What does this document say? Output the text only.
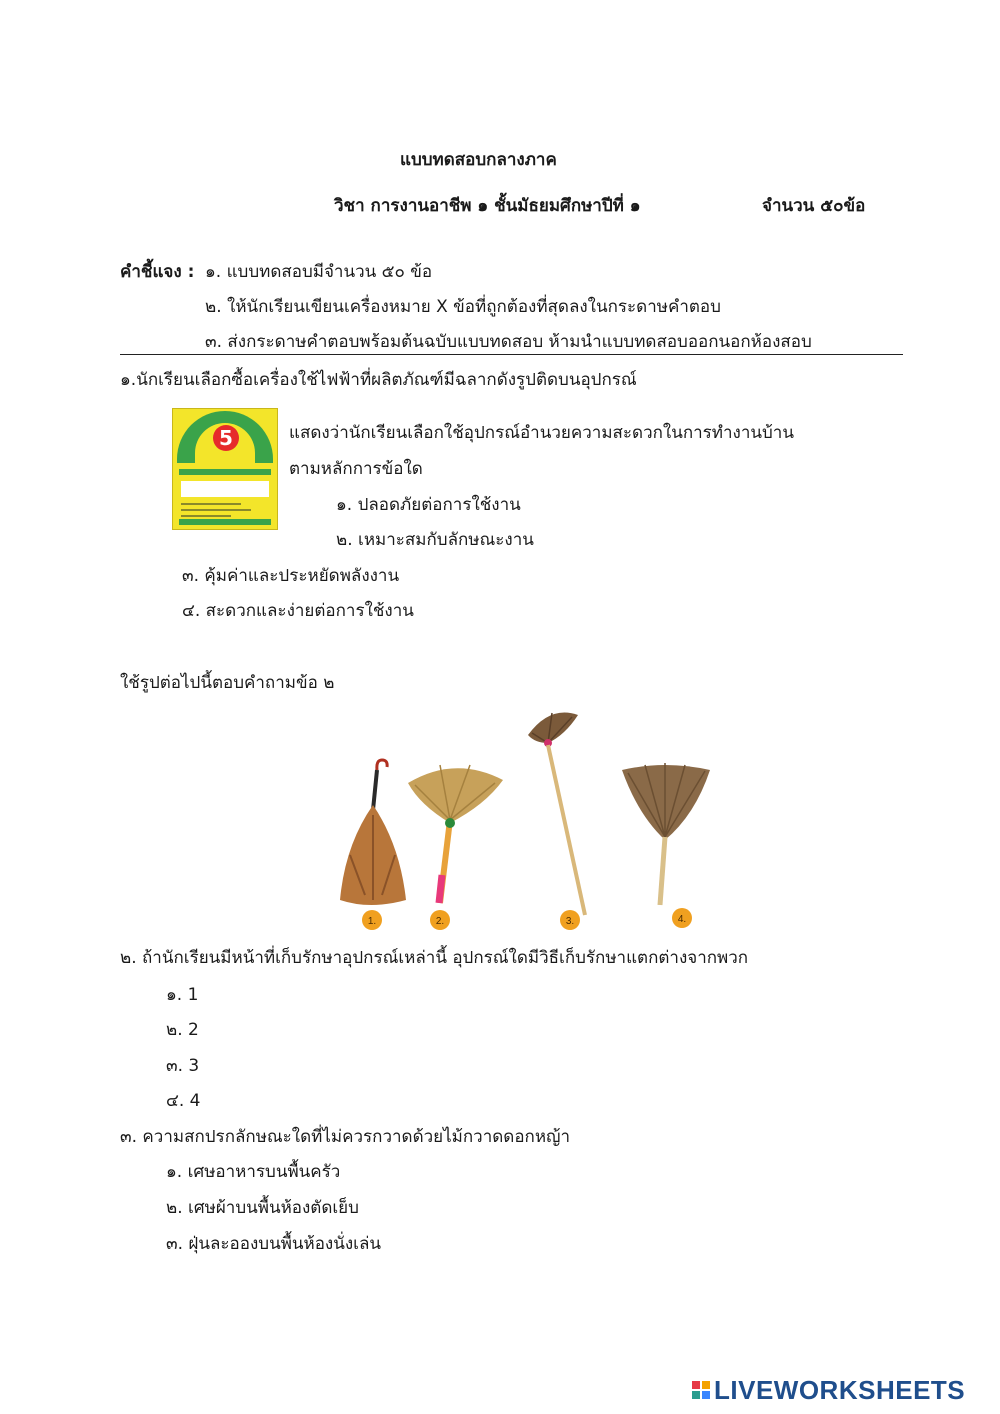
แบบทดสอบกลางภาค
วิชา การงานอาชีพ ๑ ชั้นมัธยมศึกษาปีที่ ๑	จำนวน ๕๐ข้อ
คำชี้แจง : ๑. แบบทดสอบมีจำนวน ๕๐ ข้อ
๒. ให้นักเรียนเขียนเครื่องหมาย X ข้อที่ถูกต้องที่สุดลงในกระดาษคำตอบ
๓. ส่งกระดาษคำตอบพร้อมต้นฉบับแบบทดสอบ ห้ามนำแบบทดสอบออกนอกห้องสอบ
๑.นักเรียนเลือกซื้อเครื่องใช้ไฟฟ้าที่ผลิตภัณฑ์มีฉลากดังรูปติดบนอุปกรณ์
5	แสดงว่านักเรียนเลือกใช้อุปกรณ์อำนวยความสะดวกในการทำงานบ้าน
ตามหลักการข้อใด
๑. ปลอดภัยต่อการใช้งาน
๒. เหมาะสมกับลักษณะงาน
๓. คุ้มค่าและประหยัดพลังงาน
๔. สะดวกและง่ายต่อการใช้งาน
ใช้รูปต่อไปนี้ตอบคำถามข้อ ๒
1.	2.	3.	4.
๒. ถ้านักเรียนมีหน้าที่เก็บรักษาอุปกรณ์เหล่านี้ อุปกรณ์ใดมีวิธีเก็บรักษาแตกต่างจากพวก
๑. 1
๒. 2
๓. 3
๔. 4
๓. ความสกปรกลักษณะใดที่ไม่ควรกวาดด้วยไม้กวาดดอกหญ้า
๑. เศษอาหารบนพื้นครัว
๒. เศษผ้าบนพื้นห้องตัดเย็บ
๓. ฝุ่นละอองบนพื้นห้องนั่งเล่น
LIVEWORKSHEETS
